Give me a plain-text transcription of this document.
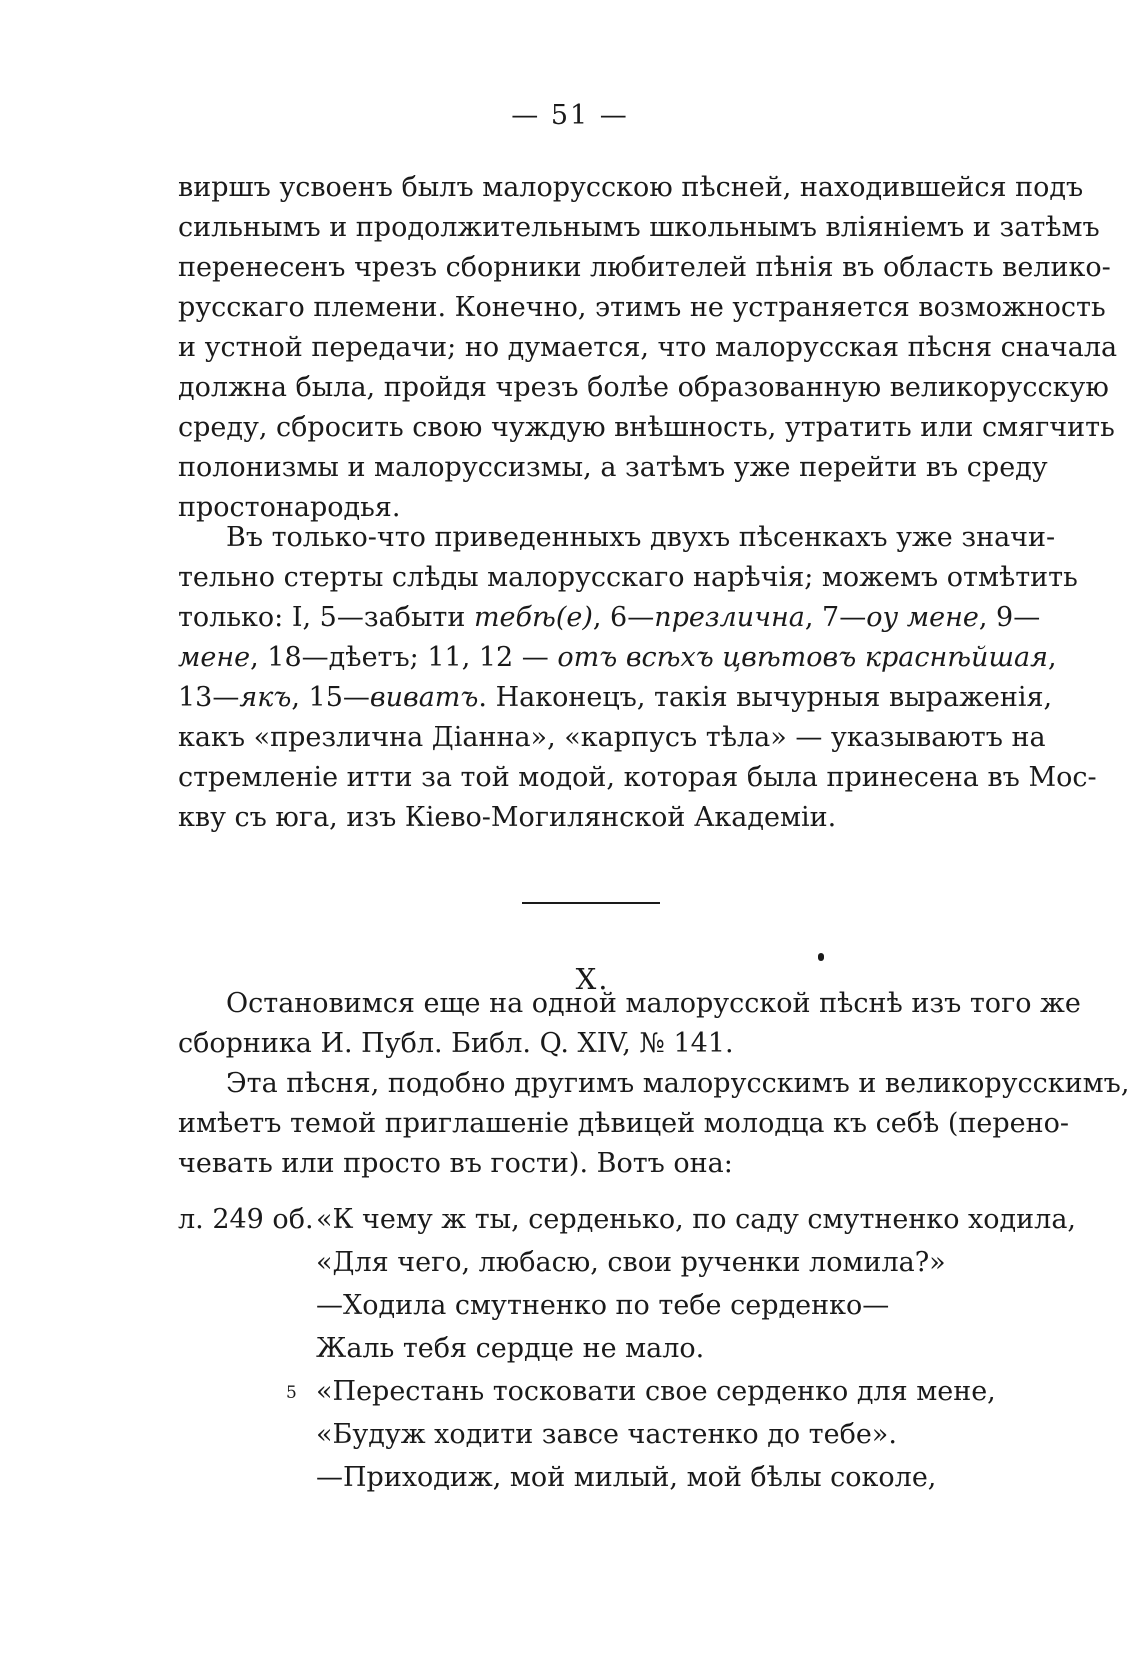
— 51 —
виршъ усвоенъ былъ малорусскою пѣсней, находившейся подъ
сильнымъ и продолжительнымъ школьнымъ вліяніемъ и затѣмъ
перенесенъ чрезъ сборники любителей пѣнія въ область велико-
русскаго племени. Конечно, этимъ не устраняется возможность
и устной передачи; но думается, что малорусская пѣсня сначала
должна была, пройдя чрезъ болѣе образованную великорусскую
среду, сбросить свою чуждую внѣшность, утратить или смягчить
полонизмы и малоруссизмы, а затѣмъ уже перейти въ среду
простонародья.
Въ только-что приведенныхъ двухъ пѣсенкахъ уже значи-
тельно стерты слѣды малорусскаго нарѣчія; можемъ отмѣтить
только: I, 5—забыти тебѣ(е), 6—презлична, 7—оу мене, 9—
мене, 18—дѣетъ; 11, 12 — отъ всѣхъ цвѣтовъ краснѣйшая,
13—якъ, 15—виватъ. Наконецъ, такія вычурныя выраженія,
какъ «презлична Діанна», «карпусъ тѣла» — указываютъ на
стремленіе итти за той модой, которая была принесена въ Мос-
кву съ юга, изъ Кіево-Могилянской Академіи.
X.
Остановимся еще на одной малорусской пѣснѣ изъ того же
сборника И. Публ. Библ. Q. XIV, № 141.
Эта пѣсня, подобно другимъ малорусскимъ и великорусскимъ,
имѣетъ темой приглашеніе дѣвицей молодца къ себѣ (перено-
чевать или просто въ гости). Вотъ она:
л. 249 об. «К чему ж ты, серденько, по саду смутненко ходила,
«Для чего, любасю, свои рученки ломила?»
—Ходила смутненко по тебе серденко—
Жаль тебя сердце не мало.
5 «Перестань тосковати свое серденко для мене,
«Будуж ходити завсе частенко до тебе».
—Приходиж, мой милый, мой бѣлы соколе,
